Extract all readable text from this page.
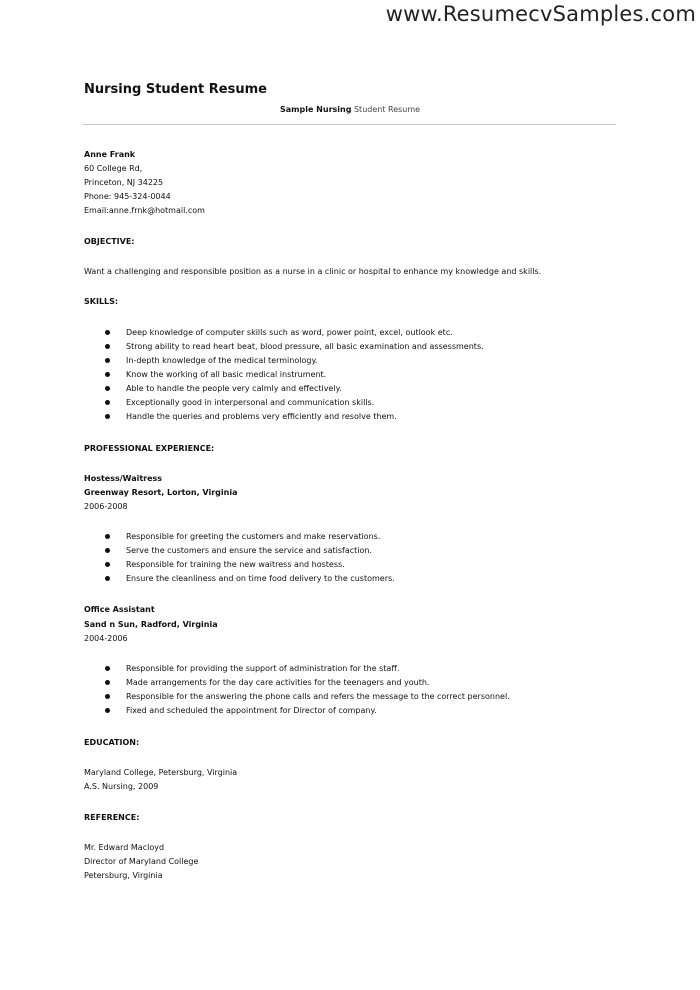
www.ResumecvSamples.com
Nursing Student Resume
Sample Nursing Student Resume
Anne Frank
60 College Rd,
Princeton, NJ 34225
Phone: 945-324-0044
Email:anne.frnk@hotmail.com
OBJECTIVE:
Want a challenging and responsible position as a nurse in a clinic or hospital to enhance my knowledge and skills.
SKILLS:
Deep knowledge of computer skills such as word, power point, excel, outlook etc.
Strong ability to read heart beat, blood pressure, all basic examination and assessments.
In-depth knowledge of the medical terminology.
Know the working of all basic medical instrument.
Able to handle the people very calmly and effectively.
Exceptionally good in interpersonal and communication skills.
Handle the queries and problems very efficiently and resolve them.
PROFESSIONAL EXPERIENCE:
Hostess/Waitress
Greenway Resort, Lorton, Virginia
2006-2008
Responsible for greeting the customers and make reservations.
Serve the customers and ensure the service and satisfaction.
Responsible for training the new waitress and hostess.
Ensure the cleanliness and on time food delivery to the customers.
Office Assistant
Sand n Sun, Radford, Virginia
2004-2006
Responsible for providing the support of administration for the staff.
Made arrangements for the day care activities for the teenagers and youth.
Responsible for the answering the phone calls and refers the message to the correct personnel.
Fixed and scheduled the appointment for Director of company.
EDUCATION:
Maryland College, Petersburg, Virginia
A.S. Nursing, 2009
REFERENCE:
Mr. Edward Macloyd
Director of Maryland College
Petersburg, Virginia
